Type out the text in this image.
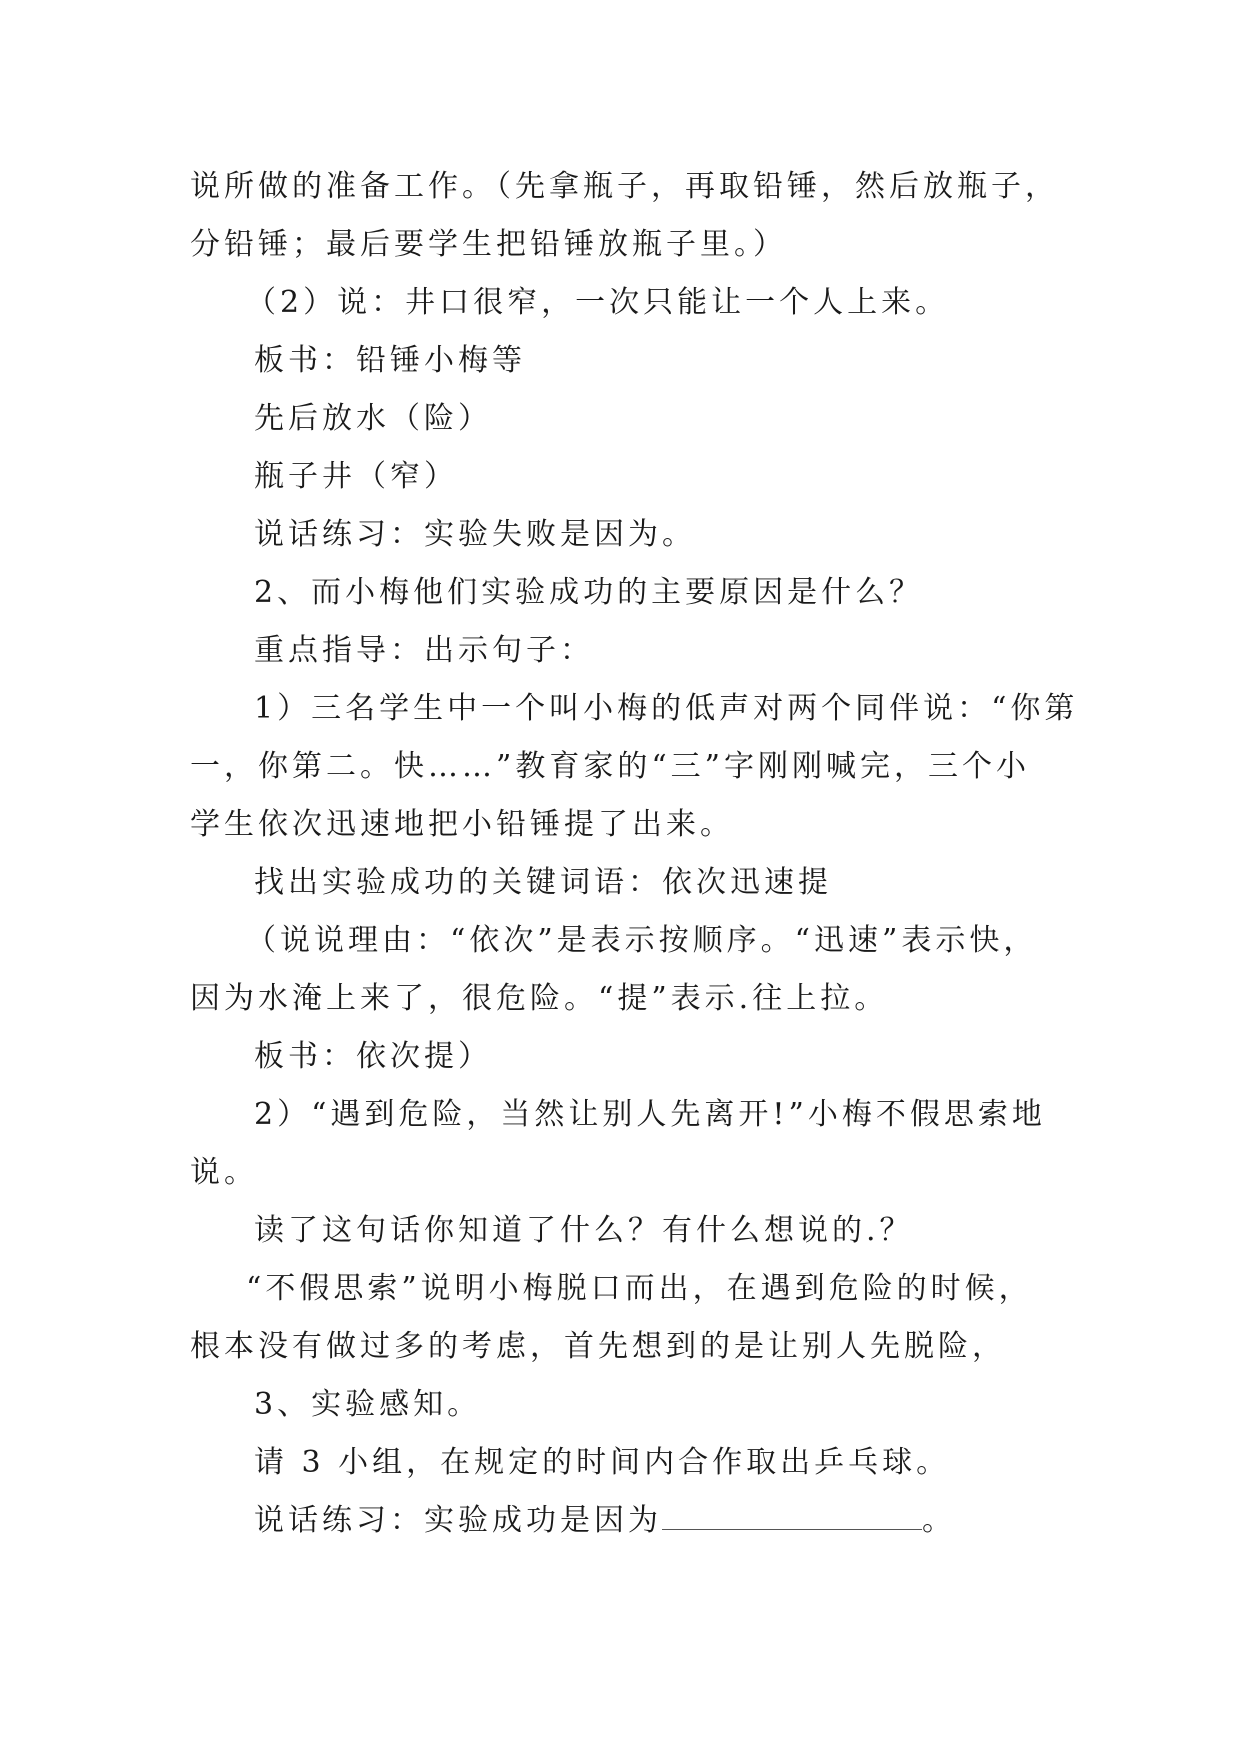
说所做的准备工作。（先拿瓶子，再取铅锤，然后放瓶子，
分铅锤；最后要学生把铅锤放瓶子里。）
（2）说：井口很窄，一次只能让一个人上来。
板书：铅锤小梅等
先后放水（险）
瓶子井（窄）
说话练习：实验失败是因为。
2、而小梅他们实验成功的主要原因是什么？
重点指导：出示句子：
1）三名学生中一个叫小梅的低声对两个同伴说：“你第
一，你第二。快……”教育家的“三”字刚刚喊完，三个小
学生依次迅速地把小铅锤提了出来。
找出实验成功的关键词语：依次迅速提
（说说理由：“依次”是表示按顺序。“迅速”表示快，
因为水淹上来了，很危险。“提”表示.往上拉。
板书：依次提）
2）“遇到危险，当然让别人先离开!”小梅不假思索地
说。
读了这句话你知道了什么？有什么想说的.？
“不假思索”说明小梅脱口而出，在遇到危险的时候，
根本没有做过多的考虑，首先想到的是让别人先脱险，
3、实验感知。
请 3 小组，在规定的时间内合作取出乒乓球。
说话练习：实验成功是因为	。
